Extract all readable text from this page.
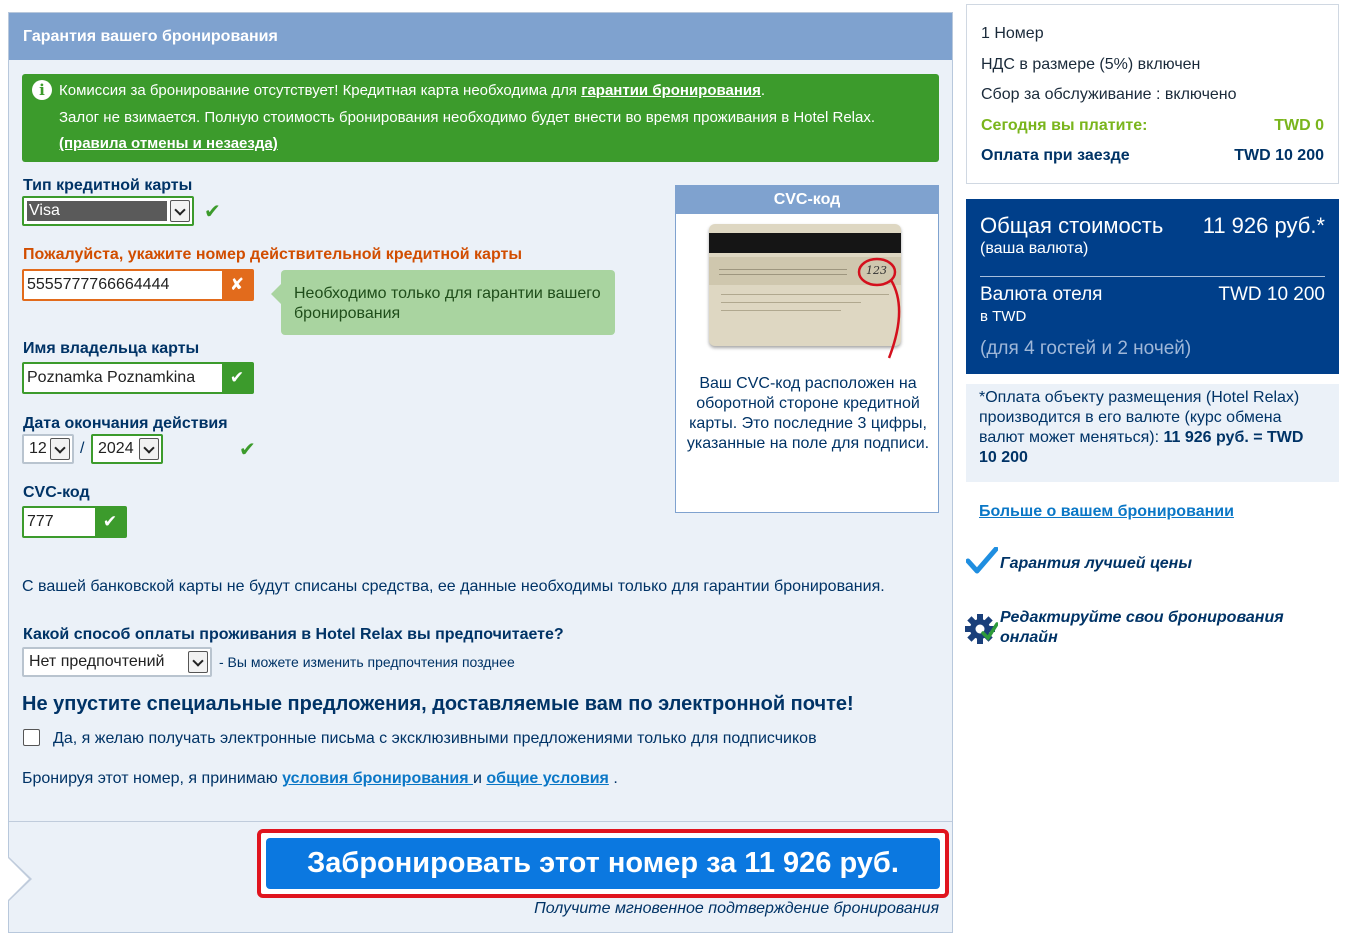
Гарантия вашего бронирования
i Комиссия за бронирование отсутствует! Кредитная карта необходима для гарантии бронирования.
Залог не взимается. Полную стоимость бронирования необходимо будет внести во время проживания в Hotel Relax.
(правила отмены и незаезда)
Тип кредитной карты
Visa	✔
Пожалуйста, укажите номер действительной кредитной карты
5555777766664444	✘	Необходимо только для гарантии вашего бронирования
Имя владельца карты
Poznamka Poznamkina	✔
Дата окончания действия
12 / 2024	✔
CVC-код
777	✔
CVC-код
123
Ваш CVC-код расположен на оборотной стороне кредитной карты. Это последние 3 цифры, указанные на поле для подписи.
С вашей банковской карты не будут списаны средства, ее данные необходимы только для гарантии бронирования.
Какой способ оплаты проживания в Hotel Relax вы предпочитаете?
Нет предпочтений	- Вы можете изменить предпочтения позднее
Не упустите специальные предложения, доставляемые вам по электронной почте!
Да, я желаю получать электронные письма с эксклюзивными предложениями только для подписчиков
Бронируя этот номер, я принимаю условия бронирования и общие условия .
Забронировать этот номер за 11 926 руб.
Получите мгновенное подтверждение бронирования
1 Номер
НДС в размере (5%) включен
Сбор за обслуживание : включено
Сегодня вы платите:	TWD 0
Оплата при заезде	TWD 10 200
Общая стоимость 11 926 руб.*
(ваша валюта)
Валюта отеля	TWD 10 200
в TWD
(для 4 гостей и 2 ночей)
*Оплата объекту размещения (Hotel Relax) производится в его валюте (курс обмена валют может меняться): 11 926 руб. = TWD 10 200
Больше о вашем бронировании
Гарантия лучшей цены
Редактируйте свои бронирования онлайн
